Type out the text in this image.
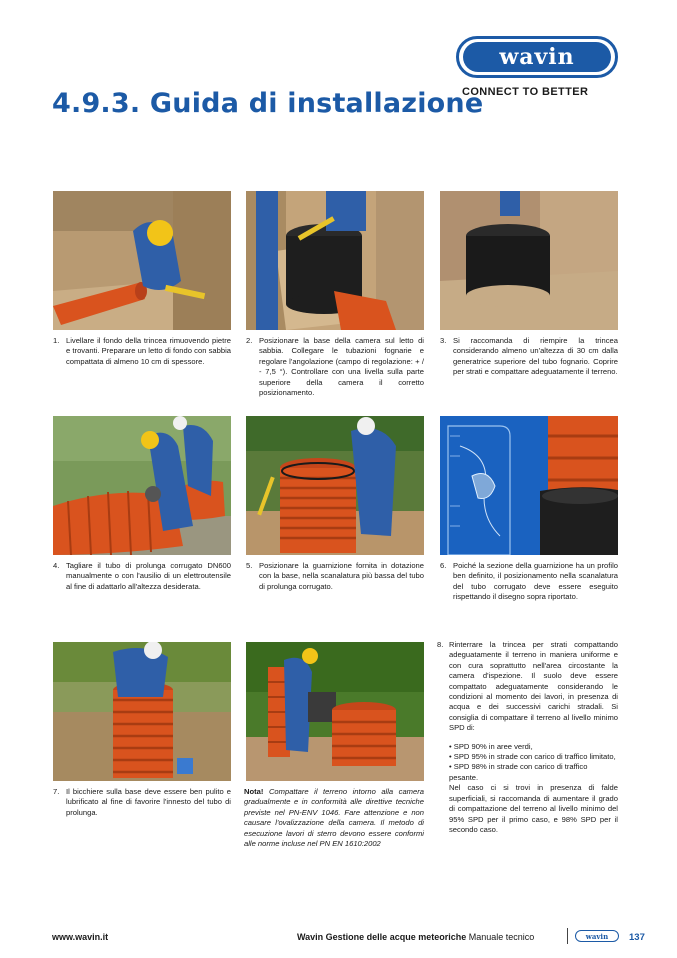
4.9.3. Guida di installazione
wavin
CONNECT TO BETTER
1. Livellare il fondo della trincea rimuovendo pietre e trovanti. Preparare un letto di fondo con sabbia compattata di almeno 10 cm di spessore.
2. Posizionare la base della camera sul letto di sabbia. Collegare le tubazioni fognarie e regolare l'angolazione (campo di regolazione: + / - 7,5 °). Controllare con una livella sulla parte superiore della camera il corretto posizionamento.
3. Si raccomanda di riempire la trincea considerando almeno un'altezza di 30 cm dalla generatrice superiore del tubo fognario. Coprire per strati e compattare adeguatamente il terreno.
4. Tagliare il tubo di prolunga corrugato DN600 manualmente o con l'ausilio di un elettroutensile al fine di adattarlo all'altezza desiderata.
5. Posizionare la guarnizione fornita in dotazione con la base, nella scanalatura più bassa del tubo di prolunga corrugato.
6. Poiché la sezione della guarnizione ha un profilo ben definito, il posizionamento nella scanalatura del tubo corrugato deve essere eseguito rispettando il disegno sopra riportato.
7. Il bicchiere sulla base deve essere ben pulito e lubrificato al fine di favorire l'innesto del tubo di prolunga.
Nota! Compattare il terreno intorno alla camera gradualmente e in conformità alle direttive tecniche previste nel PN-ENV 1046. Fare attenzione e non causare l'ovalizzazione della camera. Il metodo di esecuzione lavori di sterro devono essere conformi alle norme incluse nel PN EN 1610:2002
8. Rinterrare la trincea per strati compattando adeguatamente il terreno in maniera uniforme e con cura soprattutto nell'area circostante la camera d'ispezione. Il suolo deve essere compattato adeguatamente considerando le condizioni al momento dei lavori, in presenza di acqua e dei successivi carichi stradali. Si consiglia di compattare il terreno al livello minimo SPD di:
• SPD 90% in aree verdi,
• SPD 95% in strade con carico di traffico limitato,
• SPD 98% in strade con carico di traffico pesante.
Nel caso ci si trovi in presenza di falde superficiali, si raccomanda di aumentare il grado di compattazione del terreno al livello minimo del 95% SPD per il primo caso, e 98% SPD per il secondo caso.
www.wavin.it	Wavin Gestione delle acque meteoriche Manuale tecnico	wavin 137
